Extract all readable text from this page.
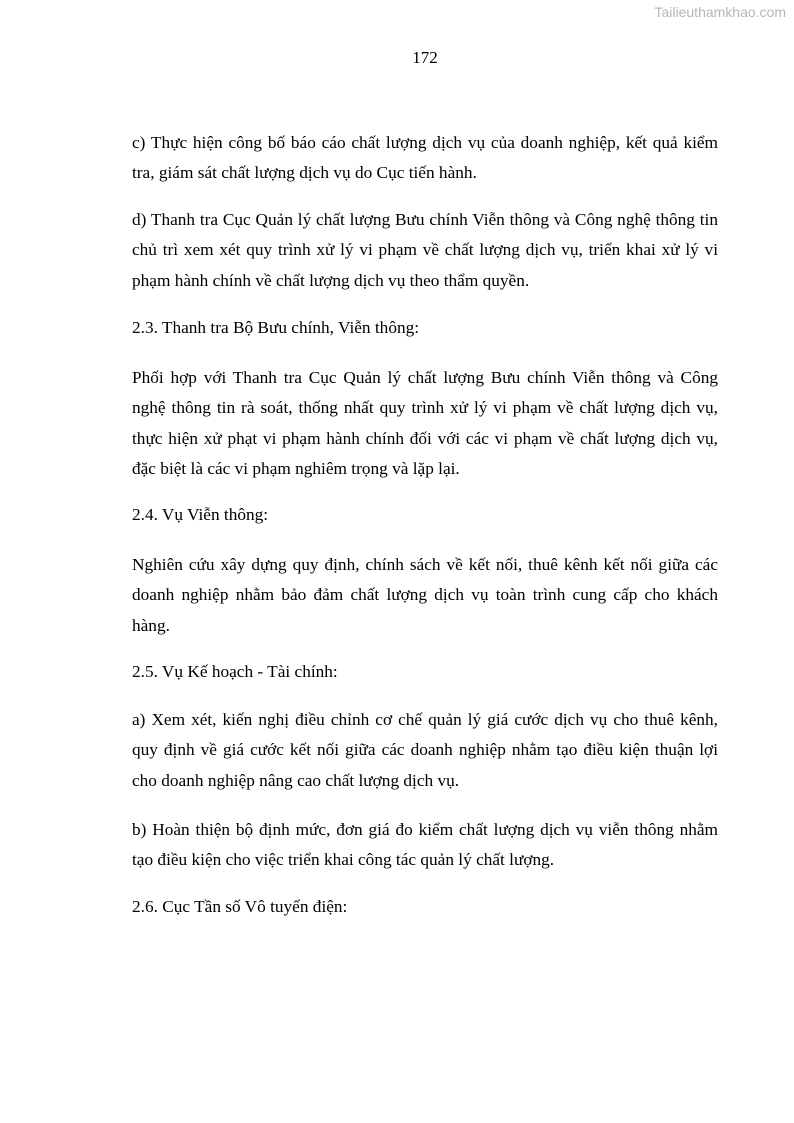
Tailieuthamkhao.com
172
c) Thực hiện công bố báo cáo chất lượng dịch vụ của doanh nghiệp, kết quả kiểm
tra, giám sát chất lượng dịch vụ do Cục tiến hành.
d) Thanh tra Cục Quản lý chất lượng Bưu chính Viễn thông và Công nghệ thông tin
chủ trì xem xét quy trình xử lý vi phạm về chất lượng dịch vụ, triển khai xử lý vi
phạm hành chính về chất lượng dịch vụ theo thẩm quyền.
2.3. Thanh tra Bộ Bưu chính, Viễn thông:
Phối hợp với Thanh tra Cục Quản lý chất lượng Bưu chính Viễn thông và Công
nghệ thông tin rà soát, thống nhất quy trình xử lý vi phạm về chất lượng dịch vụ,
thực hiện xử phạt vi phạm hành chính đối với các vi phạm về chất lượng dịch vụ,
đặc biệt là các vi phạm nghiêm trọng và lặp lại.
2.4. Vụ Viễn thông:
Nghiên cứu xây dựng quy định, chính sách về kết nối, thuê kênh kết nối giữa các
doanh nghiệp nhằm bảo đảm chất lượng dịch vụ toàn trình cung cấp cho khách
hàng.
2.5. Vụ Kế hoạch - Tài chính:
a) Xem xét, kiến nghị điều chỉnh cơ chế quản lý giá cước dịch vụ cho thuê kênh,
quy định về giá cước kết nối giữa các doanh nghiệp nhằm tạo điều kiện thuận lợi
cho doanh nghiệp nâng cao chất lượng dịch vụ.
b) Hoàn thiện bộ định mức, đơn giá đo kiểm chất lượng dịch vụ viễn thông nhằm
tạo điều kiện cho việc triển khai công tác quản lý chất lượng.
2.6. Cục Tần số Vô tuyến điện:
